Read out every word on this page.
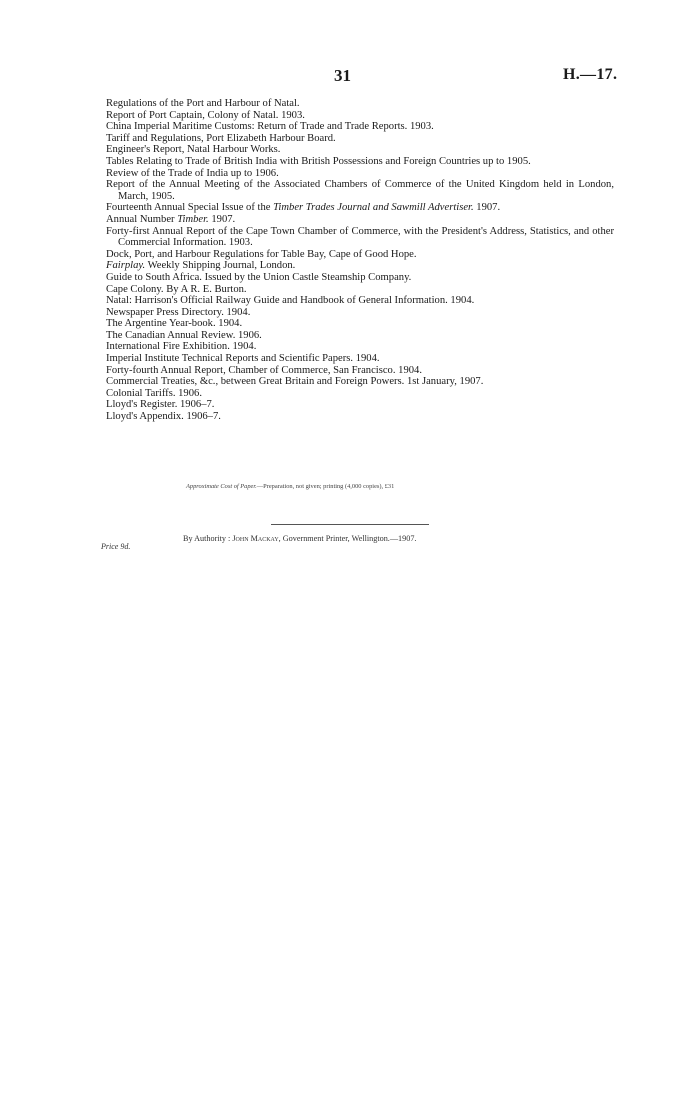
31	H.—17.

Regulations of the Port and Harbour of Natal.

Report of Port Captain, Colony of Natal. 1903.

China Imperial Maritime Customs: Return of Trade and Trade Reports. 1903.

Tariff and Regulations, Port Elizabeth Harbour Board.

Engineer's Report, Natal Harbour Works.

Tables Relating to Trade of British India with British Possessions and Foreign Countries up to 1905.

Review of the Trade of India up to 1906.

Report of the Annual Meeting of the Associated Chambers of Commerce of the United Kingdom held in London, March, 1905.

Fourteenth Annual Special Issue of the Timber Trades Journal and Sawmill Advertiser. 1907.

Annual Number Timber. 1907.

Forty-first Annual Report of the Cape Town Chamber of Commerce, with the President's Address, Statistics, and other Commercial Information. 1903.

Dock, Port, and Harbour Regulations for Table Bay, Cape of Good Hope.

Fairplay. Weekly Shipping Journal, London.

Guide to South Africa. Issued by the Union Castle Steamship Company.

Cape Colony. By A R. E. Burton.

Natal: Harrison's Official Railway Guide and Handbook of General Information. 1904.

Newspaper Press Directory. 1904.

The Argentine Year-book. 1904.

The Canadian Annual Review. 1906.

International Fire Exhibition. 1904.

Imperial Institute Technical Reports and Scientific Papers. 1904.

Forty-fourth Annual Report, Chamber of Commerce, San Francisco. 1904.

Commercial Treaties, &c., between Great Britain and Foreign Powers. 1st January, 1907.

Colonial Tariffs. 1906.

Lloyd's Register. 1906–7.

Lloyd's Appendix. 1906–7.

Approximate Cost of Paper.—Preparation, not given; printing (4,000 copies), £31
Price 9d.
By Authority : John Mackay, Government Printer, Wellington.—1907.
